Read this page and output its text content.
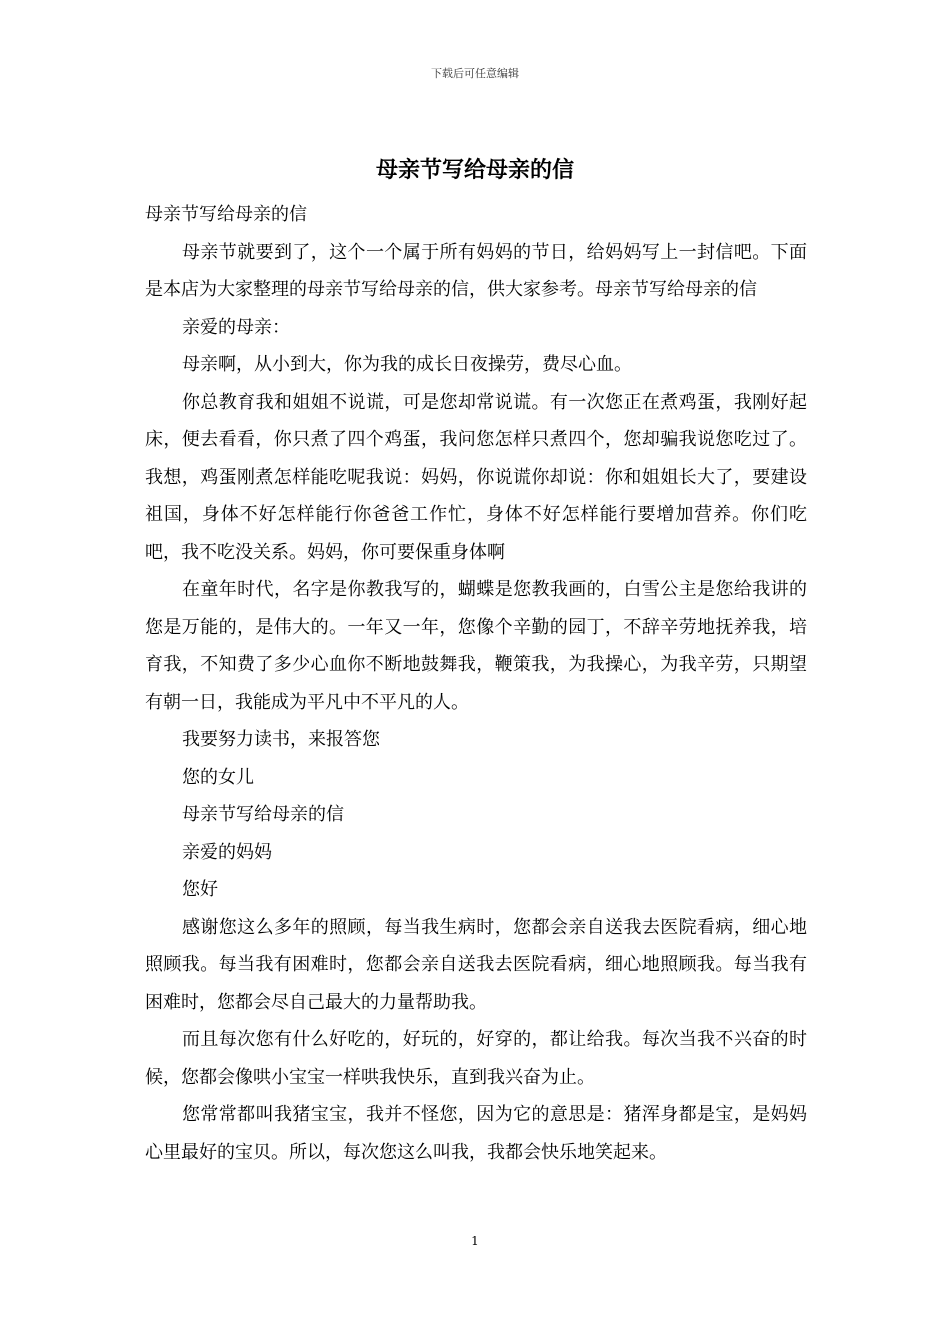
下载后可任意编辑
母亲节写给母亲的信

母亲节写给母亲的信

母亲节就要到了，这个一个属于所有妈妈的节日，给妈妈写上一封信吧。下面是本店为大家整理的母亲节写给母亲的信，供大家参考。母亲节写给母亲的信

亲爱的母亲：

母亲啊，从小到大，你为我的成长日夜操劳，费尽心血。

你总教育我和姐姐不说谎，可是您却常说谎。有一次您正在煮鸡蛋，我刚好起床，便去看看，你只煮了四个鸡蛋，我问您怎样只煮四个，您却骗我说您吃过了。我想，鸡蛋刚煮怎样能吃呢我说：妈妈，你说谎你却说：你和姐姐长大了，要建设祖国，身体不好怎样能行你爸爸工作忙，身体不好怎样能行要增加营养。你们吃吧，我不吃没关系。妈妈，你可要保重身体啊

在童年时代，名字是你教我写的，蝴蝶是您教我画的，白雪公主是您给我讲的您是万能的，是伟大的。一年又一年，您像个辛勤的园丁，不辞辛劳地抚养我，培育我，不知费了多少心血你不断地鼓舞我，鞭策我，为我操心，为我辛劳，只期望有朝一日，我能成为平凡中不平凡的人。

我要努力读书，来报答您

您的女儿

母亲节写给母亲的信

亲爱的妈妈

您好

感谢您这么多年的照顾，每当我生病时，您都会亲自送我去医院看病，细心地照顾我。每当我有困难时，您都会亲自送我去医院看病，细心地照顾我。每当我有困难时，您都会尽自己最大的力量帮助我。

而且每次您有什么好吃的，好玩的，好穿的，都让给我。每次当我不兴奋的时候，您都会像哄小宝宝一样哄我快乐，直到我兴奋为止。

您常常都叫我猪宝宝，我并不怪您，因为它的意思是：猪浑身都是宝，是妈妈心里最好的宝贝。所以，每次您这么叫我，我都会快乐地笑起来。

1
